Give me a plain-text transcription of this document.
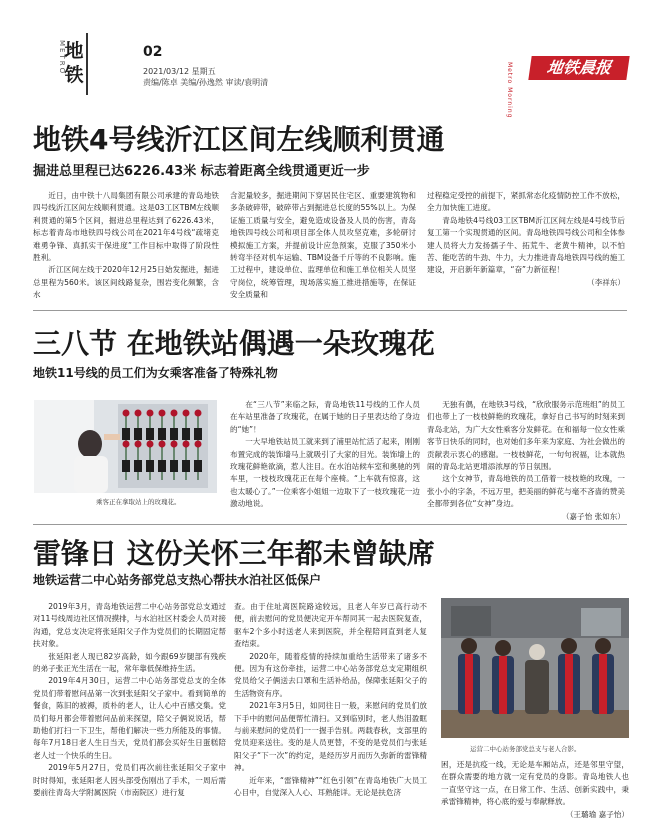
METRO
地
铁
02
2021/03/12 星期五
责编/陈卓 美编/孙逸然 审读/袁明清	Metro Morning	地铁晨报
地铁4号线沂江区间左线顺利贯通
掘进总里程已达6226.43米 标志着距离全线贯通更近一步

近日，由中铁十八局集团有限公司承建的青岛地铁四号线沂江区间左线顺利贯通。这是03工区TBM左线顺利贯通的第5个区间，掘进总里程达到了6226.43米，标志着青岛市地铁四号线公司在2021年4号线“疏堵克难勇争锋、真抓实干保进度”工作目标中取得了阶段性胜利。

沂江区间左线于2020年12月25日始发掘进，掘进总里程为560米。该区间线路复杂，围岩变化频繁，含水

含泥量较多，掘进期间下穿居民住宅区、重要建筑物和多条破碎带，破碎带占到掘进总长度的55%以上。为保证施工质量与安全，避免造成设备及人员的伤害，青岛地铁四号线公司和项目部全体人员攻坚克难，多轮研讨模拟施工方案，并提前设计应急预案，克服了350米小转弯半径对机车运输、TBM设备千斤等的不良影响。施工过程中，建设单位、监理单位和施工单位相关人员坚守岗位，统筹管理，现场落实施工推进措施等，在保证安全质量和

过程稳定受控的前提下，紧抓常态化疫情防控工作不放松，全力加快施工进度。

青岛地铁4号线03工区TBM沂江区间左线是4号线节后复工第一个实现贯通的区间。青岛地铁四号线公司和全体参建人员将大力发扬孺子牛、拓荒牛、老黄牛精神，以不怕苦、能吃苦的牛劲、牛力，大力推进青岛地铁四号线的施工建设，开启新年新篇章，“奋”力新征程！

（李祥东）
三八节 在地铁站偶遇一朵玫瑰花
地铁11号线的员工们为女乘客准备了特殊礼物
乘客正在拿取站上的玫瑰花。

在“三八节”来临之际，青岛地铁11号线的工作人员在车站里准备了玫瑰花，在属于她的日子里表达给了身边的“她”！

一大早地铁站员工就来到了浦里站忙活了起来，刚刚布置完成的装饰墙马上就吸引了大家的目光。装饰墙上的玫瑰花鲜艳欲滴，惹人注目。在水泊站候车室和奥驰的列车里，一枝枝玫瑰花正在每个座椅。“上车就有惊喜，这也太暖心了。”一位乘客小姐姐一边取下了一枝玫瑰花一边激动地说。

无独有偶，在地铁3号线，“欣欣服务示范班组”的员工们也带上了一枝枝鲜艳的玫瑰花，拿好自己书写的时刻来到青岛北站，为广大女性乘客分发鲜花。在和福每一位女性乘客节日快乐的同时，也对她们多年来为家庭、为社会做出的贡献表示衷心的感谢。一枝枝鲜花，一句句祝福，让本就热闹的青岛北站更增添浓厚的节日氛围。

这个女神节，青岛地铁的员工借着一枝枝艳的玫瑰，一张小小的字条，不远万里，把美丽的鲜花与毫不吝啬的赞美全都带到各位“女神”身边。

（嘉子怡 张如东）
雷锋日 这份关怀三年都未曾缺席
地铁运营二中心站务部党总支热心帮扶水泊社区低保户

2019年3月，青岛地铁运营二中心站务部党总支通过对11号线周边社区情况摸排，与水泊社区村委会人员对接沟通，党总支决定将张延阳父子作为党员们的长期固定帮扶对象。

张延阳老人现已82岁高龄，如今跟69岁腿部有残疾的弟子张正光生活在一起，常年靠低保维持生活。

2019年4月30日，运营二中心站务部党总支的全体党员们带着慰问品第一次到张延阳父子家中。看到简单的餐食，陈旧的被褥，质朴的老人，让人心中百感交集。党员们每月都会带着慰问品前来探望，陪父子俩说说话，帮助他们打扫一下卫生，帮他们解决一些力所能及的事情。每年7月18日老人生日当天，党员们都会买好生日蛋糕陪老人过一个快乐的生日。

2019年5月27日，党员们再次前往张延阳父子家中时时得知，张延阳老人因头部受伤刚出了手术，一周后需要前往青岛大学附属医院（市南院区）进行复

查。由于住址离医院路途较远，且老人年岁已高行动不便，前去慰问的党员便决定开车帮同其一起去医院复查，驱车2个多小时送老人来到医院，并全程陪同直到老人复查结束。

2020年，随着疫情的持续加重给生活带来了诸多不便。因为有这份牵挂，运营二中心站务部党总支定期组织党员给父子俩送去口罩和生活补给品，保障张延阳父子的生活物资有序。

2021年3月5日，如同往日一般，来慰问的党员们放下手中的慰问品便帮忙清扫。又到临别时，老人热泪盈眶与前来慰问的党员们一一握手告别。两载春秋，支部里的党员迎来送往。变的是人员更替，不变的是党员们与张延阳父子“下一次”的约定，是经历岁月而历久弥新的雷锋精神。

近年来，“雷锋精神”“红色引领”在青岛地铁广大员工心目中，自觉深入人心、耳熟能详。无论是扶危济

运营二中心站务部党总支与老人合影。

困，还是抗疫一线，无论是车厢站点，还是邻里守望，在群众需要的地方就一定有党员的身影。青岛地铁人也一直坚守这一点，在日常工作、生活、创新实践中，秉承雷锋精神，将心底的爱与奉献释放。

（王璐瑜 嘉子怡）
